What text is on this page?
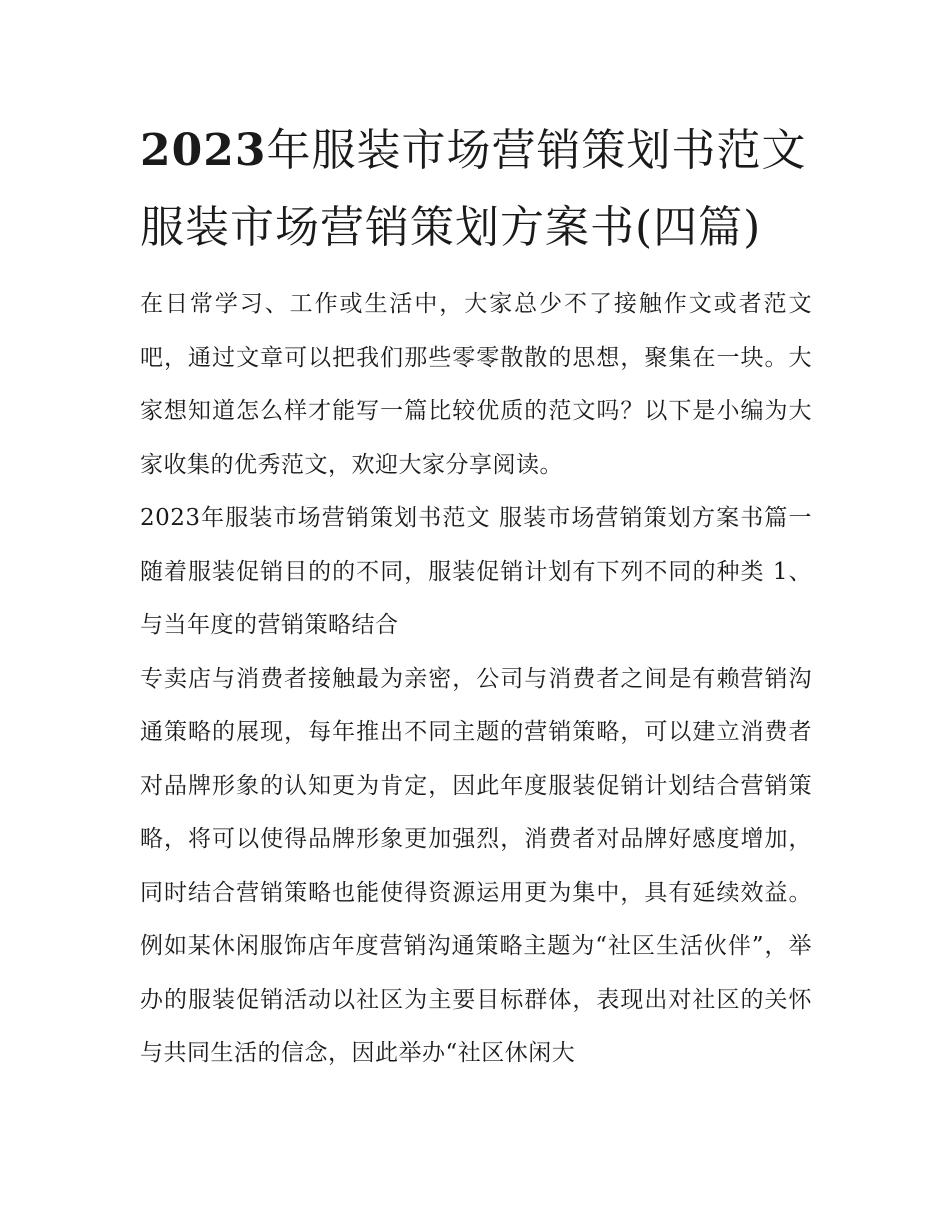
2023年服装市场营销策划书范文 服装市场营销策划方案书(四篇)

在日常学习、工作或生活中，大家总少不了接触作文或者范文吧，通过文章可以把我们那些零零散散的思想，聚集在一块。大家想知道怎么样才能写一篇比较优质的范文吗？以下是小编为大家收集的优秀范文，欢迎大家分享阅读。

2023年服装市场营销策划书范文 服装市场营销策划方案书篇一 随着服装促销目的的不同，服装促销计划有下列不同的种类 1、与当年度的营销策略结合

专卖店与消费者接触最为亲密，公司与消费者之间是有赖营销沟通策略的展现，每年推出不同主题的营销策略，可以建立消费者对品牌形象的认知更为肯定，因此年度服装促销计划结合营销策略，将可以使得品牌形象更加强烈，消费者对品牌好感度增加，同时结合营销策略也能使得资源运用更为集中，具有延续效益。例如某休闲服饰店年度营销沟通策略主题为“社区生活伙伴”，举办的服装促销活动以社区为主要目标群体，表现出对社区的关怀与共同生活的信念，因此举办“社区休闲大
